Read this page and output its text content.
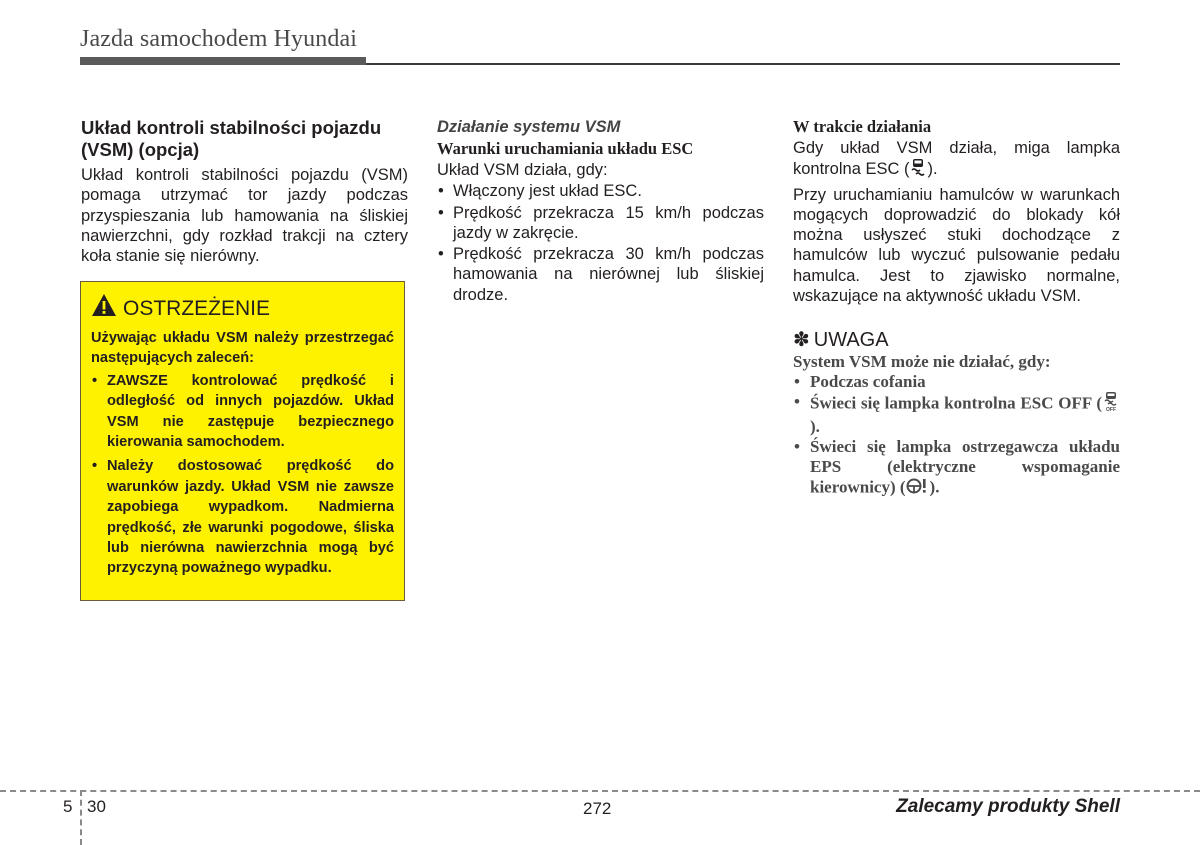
Jazda samochodem Hyundai
Układ kontroli stabilności pojazdu (VSM) (opcja)

Układ kontroli stabilności pojazdu (VSM) pomaga utrzymać tor jazdy podczas przyspieszania lub hamowania na śliskiej nawierzchni, gdy rozkład trakcji na cztery koła stanie się nierówny.

OSTRZEŻENIE

Używając układu VSM należy przestrzegać następujących zaleceń:

• ZAWSZE kontrolować prędkość i odległość od innych pojazdów. Układ VSM nie zastępuje bezpiecznego kierowania samochodem.
• Należy dostosować prędkość do warunków jazdy. Układ VSM nie zawsze zapobiega wypadkom. Nadmierna prędkość, złe warunki pogodowe, śliska lub nierówna nawierzchnia mogą być przyczyną poważnego wypadku.

Działanie systemu VSM

Warunki uruchamiania układu ESC

Układ VSM działa, gdy:

• Włączony jest układ ESC.
• Prędkość przekracza 15 km/h podczas jazdy w zakręcie.
• Prędkość przekracza 30 km/h podczas hamowania na nierównej lub śliskiej drodze.

W trakcie działania

Gdy układ VSM działa, miga lampka kontrolna ESC ( ).

Przy uruchamianiu hamulców w warunkach mogących doprowadzić do blokady kół można usłyszeć stuki dochodzące z hamulców lub wyczuć pulsowanie pedału hamulca. Jest to zjawisko normalne, wskazujące na aktywność układu VSM.

✽ UWAGA
System VSM może nie działać, gdy:
• Podczas cofania
• Świeci się lampka kontrolna ESC OFF ( OFF
).
• Świeci się lampka ostrzegawcza układu EPS (elektryczne wspomaganie kierownicy) ( ).
5 30	272	Zalecamy produkty Shell
